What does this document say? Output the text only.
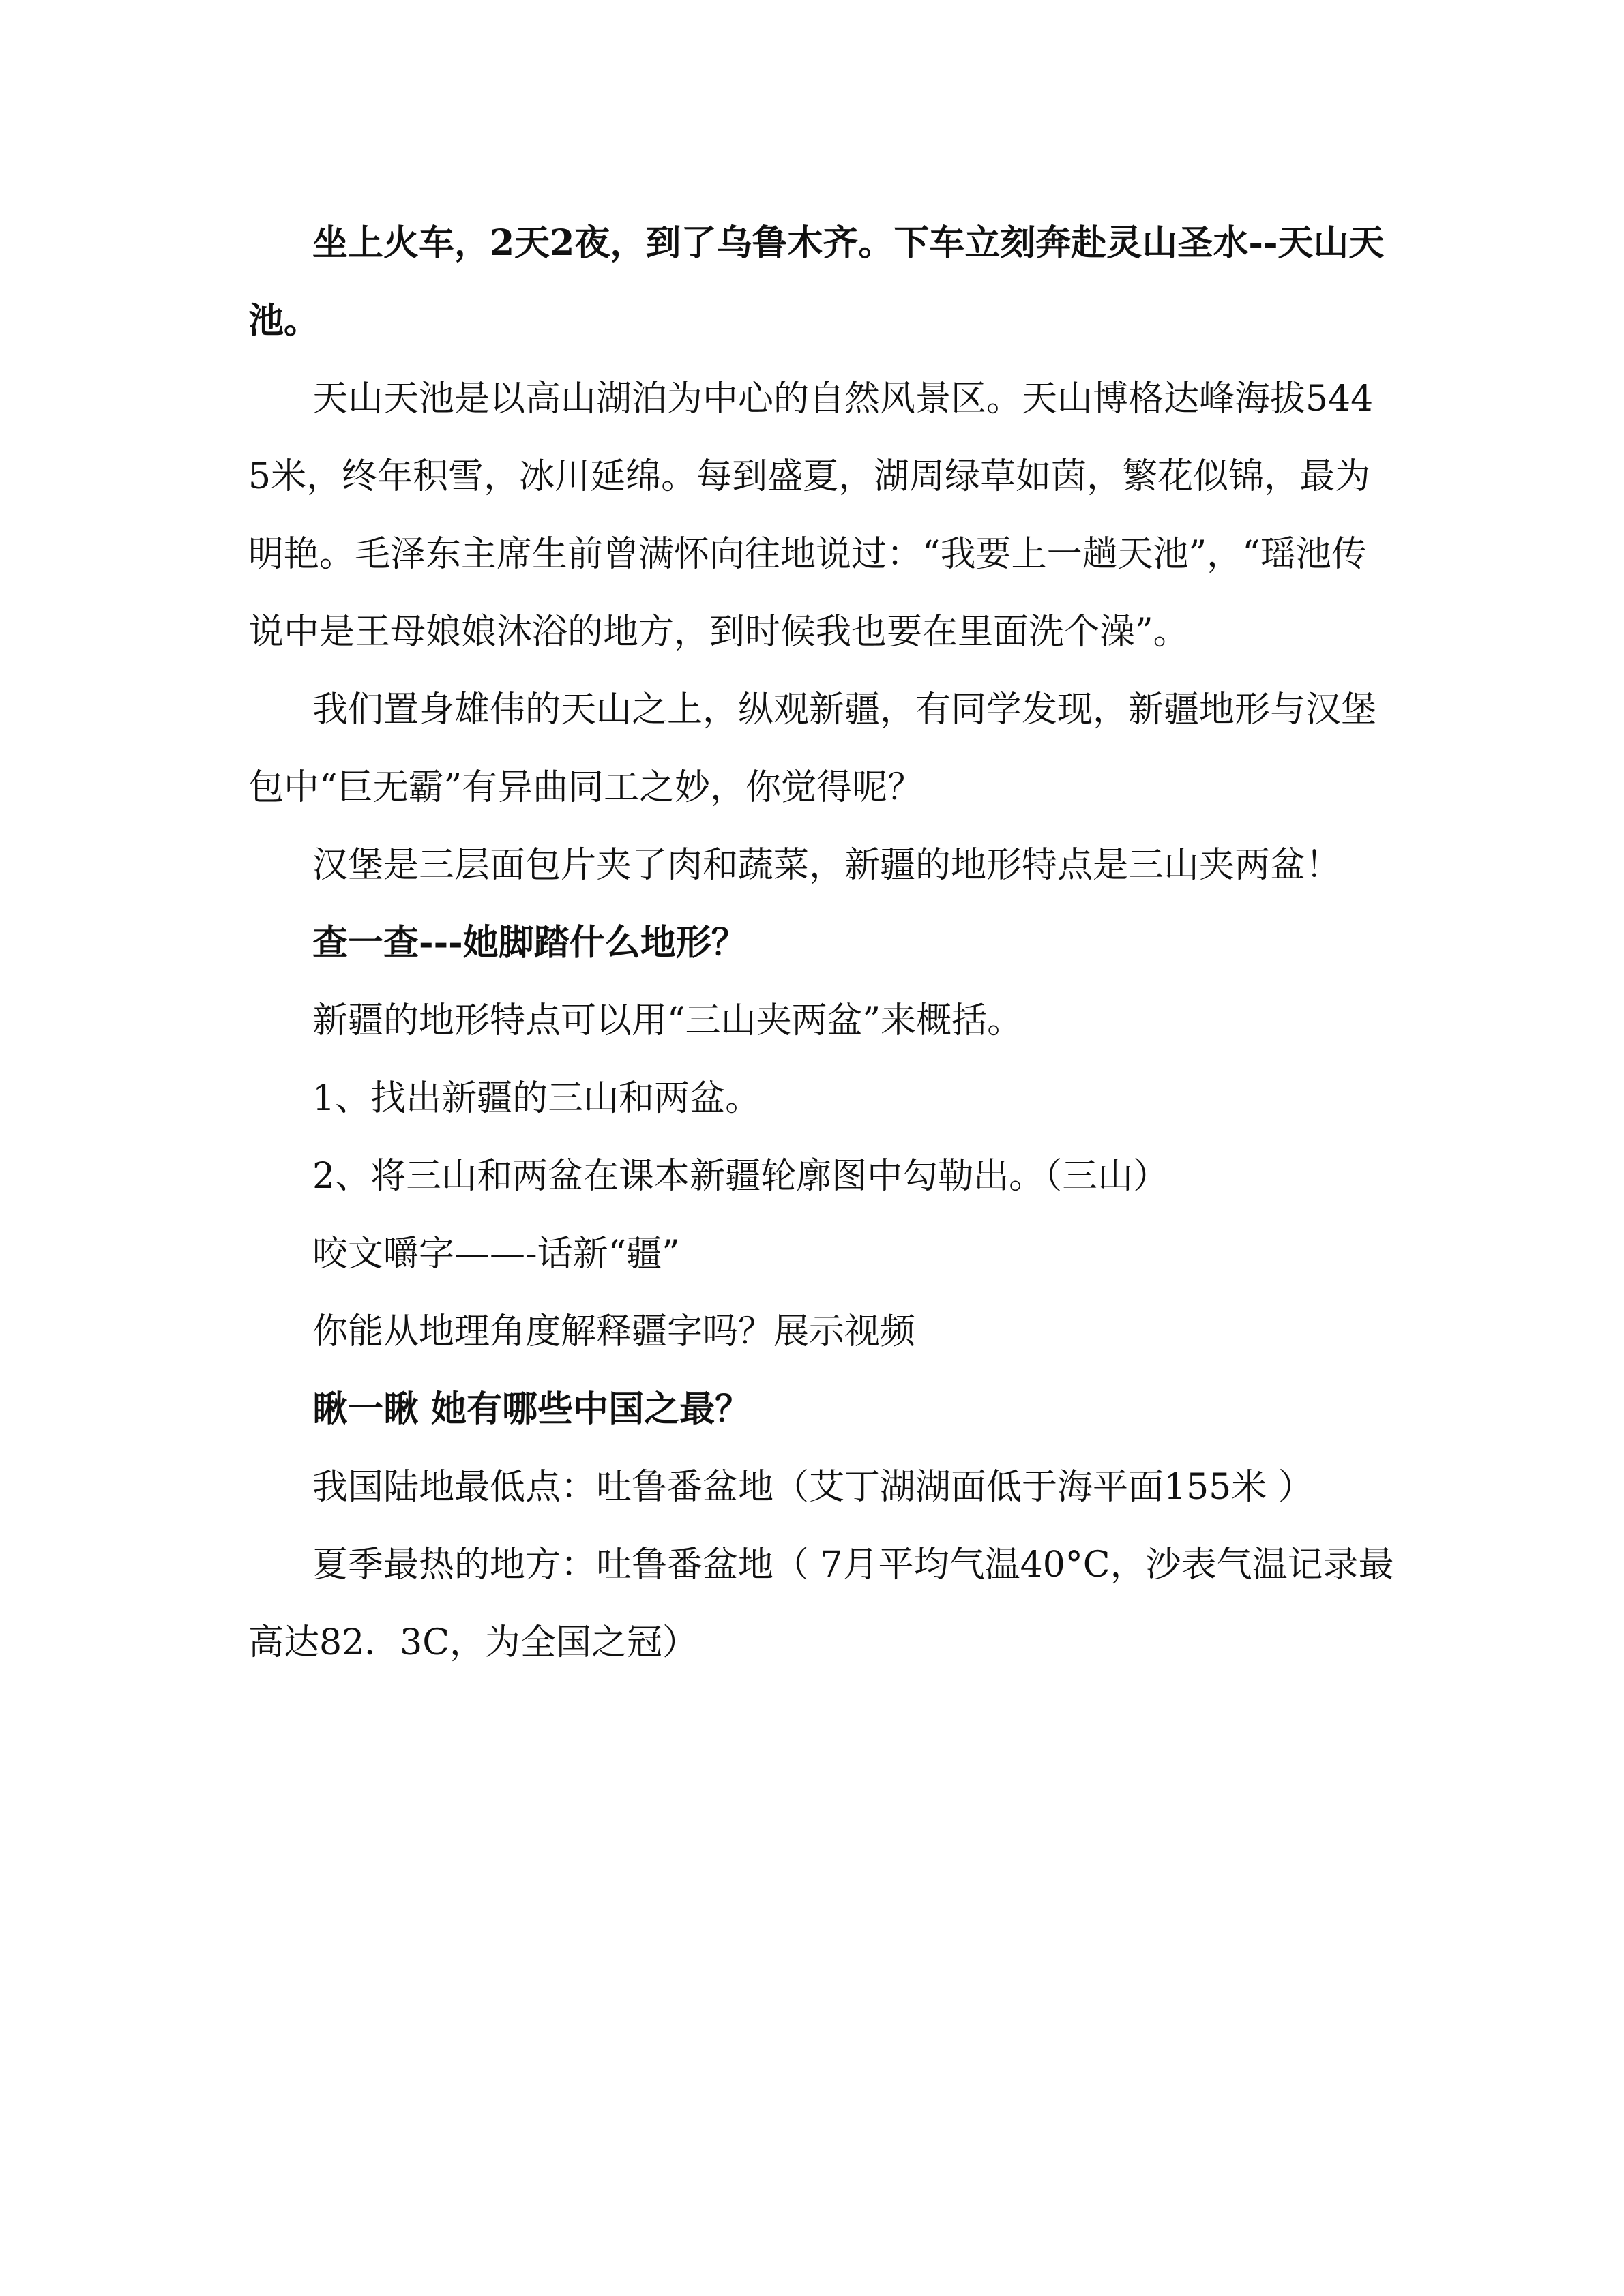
坐上火车，2天2夜，到了乌鲁木齐。下车立刻奔赴灵山圣水--天山天池。

天山天池是以高山湖泊为中心的自然风景区。天山博格达峰海拔5445米，终年积雪，冰川延绵。每到盛夏，湖周绿草如茵，繁花似锦，最为明艳。毛泽东主席生前曾满怀向往地说过：“我要上一趟天池”，“瑶池传说中是王母娘娘沐浴的地方，到时候我也要在里面洗个澡”。

我们置身雄伟的天山之上，纵观新疆，有同学发现，新疆地形与汉堡包中“巨无霸”有异曲同工之妙，你觉得呢？

汉堡是三层面包片夹了肉和蔬菜，新疆的地形特点是三山夹两盆！

查一查---她脚踏什么地形？

新疆的地形特点可以用“三山夹两盆”来概括。

1、找出新疆的三山和两盆。

2、将三山和两盆在课本新疆轮廓图中勾勒出。（三山）

咬文嚼字——-话新“疆”

你能从地理角度解释疆字吗？展示视频

瞅一瞅 她有哪些中国之最？

我国陆地最低点：吐鲁番盆地（艾丁湖湖面低于海平面155米 ）

夏季最热的地方：吐鲁番盆地（ 7月平均气温40°C，沙表气温记录最高达82．3C，为全国之冠）
